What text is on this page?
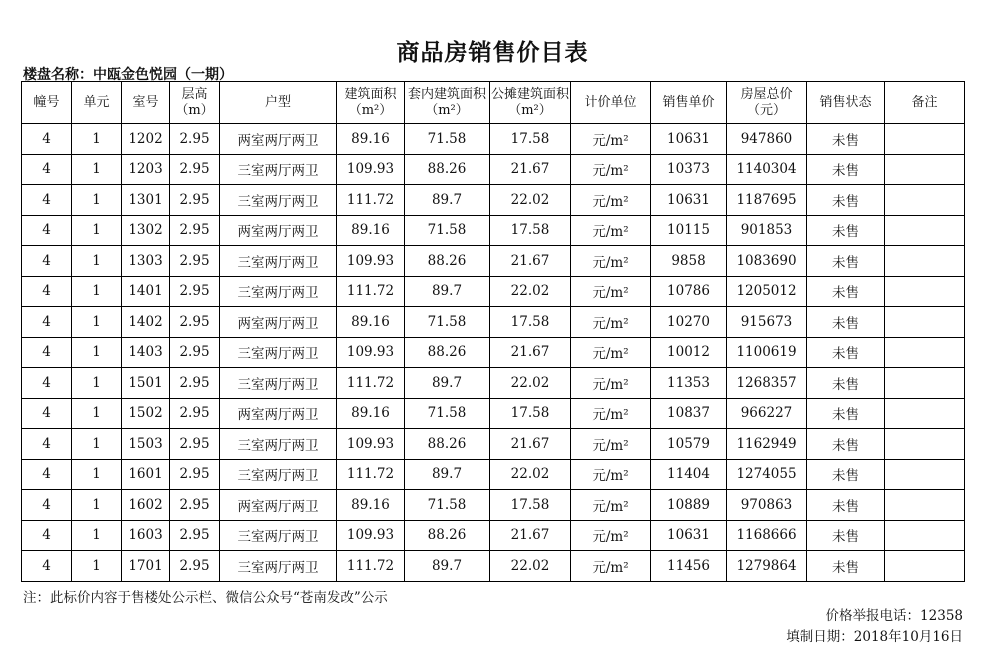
商品房销售价目表
楼盘名称：中瓯金色悦园（一期）
幢号	单元	室号	层高（m）	户型	建筑面积（m²）	套内建筑面积（m²）	公摊建筑面积（m²）	计价单位	销售单价	房屋总价（元）	销售状态	备注
4	1	1202	2.95	两室两厅两卫	89.16	71.58	17.58	元/m²	10631	947860	未售	
4	1	1203	2.95	三室两厅两卫	109.93	88.26	21.67	元/m²	10373	1140304	未售	
4	1	1301	2.95	三室两厅两卫	111.72	89.7	22.02	元/m²	10631	1187695	未售	
4	1	1302	2.95	两室两厅两卫	89.16	71.58	17.58	元/m²	10115	901853	未售	
4	1	1303	2.95	三室两厅两卫	109.93	88.26	21.67	元/m²	9858	1083690	未售	
4	1	1401	2.95	三室两厅两卫	111.72	89.7	22.02	元/m²	10786	1205012	未售	
4	1	1402	2.95	两室两厅两卫	89.16	71.58	17.58	元/m²	10270	915673	未售	
4	1	1403	2.95	三室两厅两卫	109.93	88.26	21.67	元/m²	10012	1100619	未售	
4	1	1501	2.95	三室两厅两卫	111.72	89.7	22.02	元/m²	11353	1268357	未售	
4	1	1502	2.95	两室两厅两卫	89.16	71.58	17.58	元/m²	10837	966227	未售	
4	1	1503	2.95	三室两厅两卫	109.93	88.26	21.67	元/m²	10579	1162949	未售	
4	1	1601	2.95	三室两厅两卫	111.72	89.7	22.02	元/m²	11404	1274055	未售	
4	1	1602	2.95	两室两厅两卫	89.16	71.58	17.58	元/m²	10889	970863	未售	
4	1	1603	2.95	三室两厅两卫	109.93	88.26	21.67	元/m²	10631	1168666	未售	
4	1	1701	2.95	三室两厅两卫	111.72	89.7	22.02	元/m²	11456	1279864	未售	
注：此标价内容于售楼处公示栏、微信公众号“苍南发改”公示
价格举报电话：12358
填制日期：2018年10月16日
